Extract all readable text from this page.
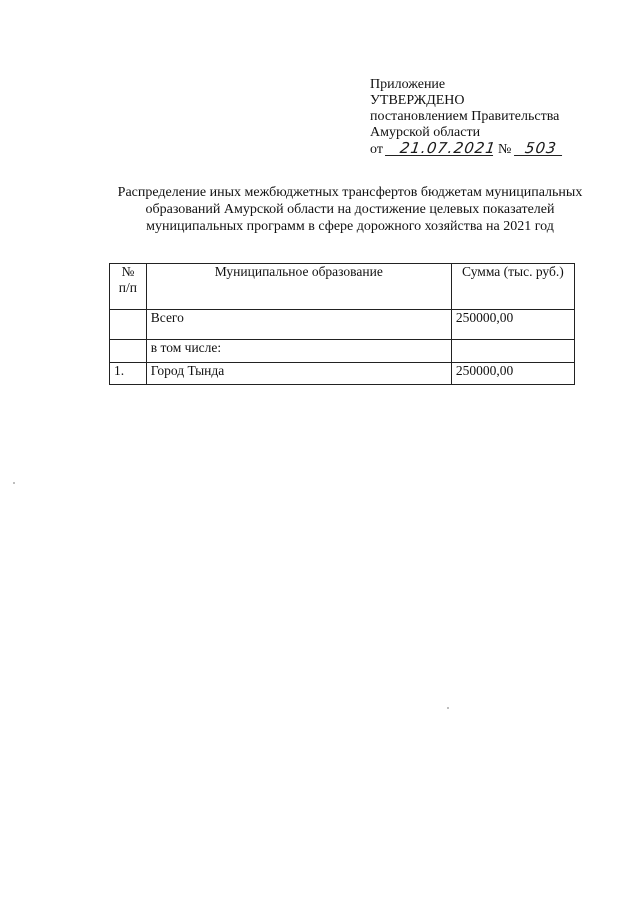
Приложение
УТВЕРЖДЕНО
постановлением Правительства
Амурской области
от 21.07.2021 № 503
Распределение иных межбюджетных трансфертов бюджетам муниципальных
образований Амурской области на достижение целевых показателей
муниципальных программ в сфере дорожного хозяйства на 2021 год
№
п/п	Муниципальное образование	Сумма (тыс. руб.)
	Всего	250000,00
	в том числе:	
1.	Город Тында	250000,00
